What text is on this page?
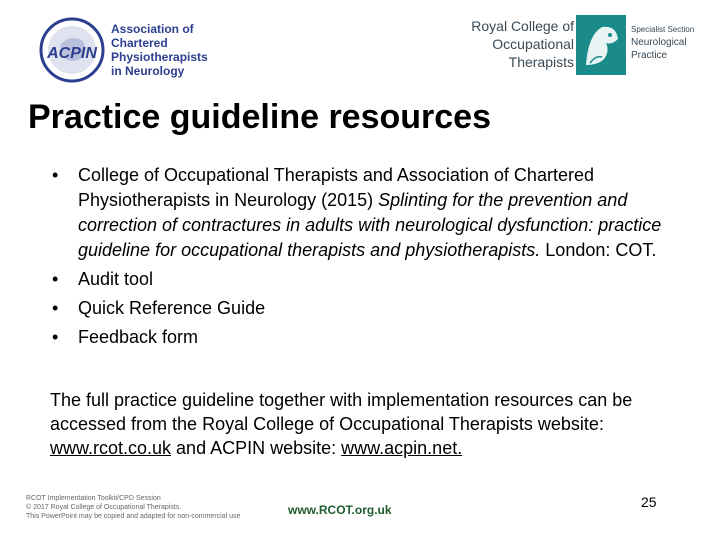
ACPIN
Association of
Chartered
Physiotherapists
in Neurology
Royal College of
Occupational
Therapists
Specialist Section
Neurological
Practice
Practice guideline resources
• College of Occupational Therapists and Association of Chartered Physiotherapists in Neurology (2015) Splinting for the prevention and correction of contractures in adults with neurological dysfunction: practice guideline for occupational therapists and physiotherapists. London: COT.
• Audit tool
• Quick Reference Guide
• Feedback form

The full practice guideline together with implementation resources can be accessed from the Royal College of Occupational Therapists website: www.rcot.co.uk and ACPIN website: www.acpin.net.

RCOT Implementation Toolkit/CPD Session
© 2017 Royal College of Occupational Therapists.
This PowerPoint may be copied and adapted for non-commercial use	www.RCOT.org.uk	25
